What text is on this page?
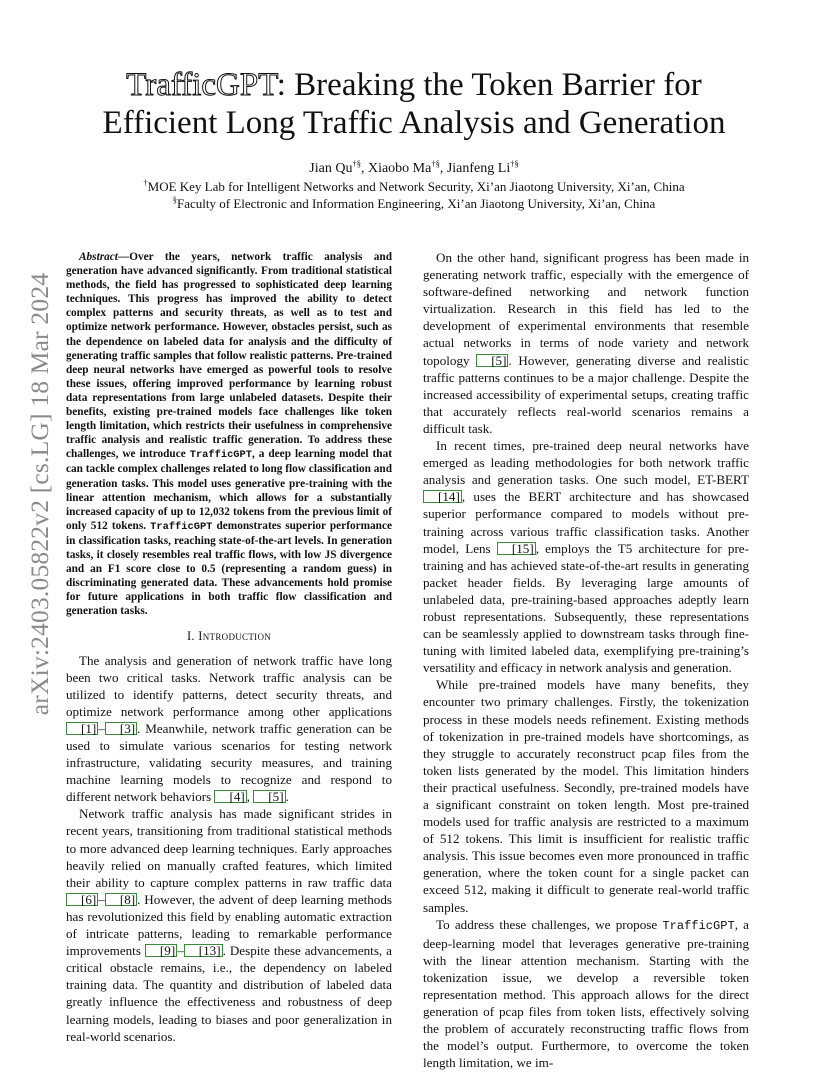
arXiv:2403.05822v2 [cs.LG] 18 Mar 2024
TrafficGPT: Breaking the Token Barrier for
Efficient Long Traffic Analysis and Generation
Jian Qu†§, Xiaobo Ma†§, Jianfeng Li†§
†MOE Key Lab for Intelligent Networks and Network Security, Xi’an Jiaotong University, Xi’an, China
§Faculty of Electronic and Information Engineering, Xi’an Jiaotong University, Xi’an, China

Abstract—Over the years, network traffic analysis and generation have advanced significantly. From traditional statistical methods, the field has progressed to sophisticated deep learning techniques. This progress has improved the ability to detect complex patterns and security threats, as well as to test and optimize network performance. However, obstacles persist, such as the dependence on labeled data for analysis and the difficulty of generating traffic samples that follow realistic patterns. Pre-trained deep neural networks have emerged as powerful tools to resolve these issues, offering improved performance by learning robust data representations from large unlabeled datasets. Despite their benefits, existing pre-trained models face challenges like token length limitation, which restricts their usefulness in comprehensive traffic analysis and realistic traffic generation. To address these challenges, we introduce TrafficGPT, a deep learning model that can tackle complex challenges related to long flow classification and generation tasks. This model uses generative pre-training with the linear attention mechanism, which allows for a substantially increased capacity of up to 12,032 tokens from the previous limit of only 512 tokens. TrafficGPT demonstrates superior performance in classification tasks, reaching state-of-the-art levels. In generation tasks, it closely resembles real traffic flows, with low JS divergence and an F1 score close to 0.5 (representing a random guess) in discriminating generated data. These advancements hold promise for future applications in both traffic flow classification and generation tasks.

I. Introduction

The analysis and generation of network traffic have long been two critical tasks. Network traffic analysis can be utilized to identify patterns, detect security threats, and optimize network performance among other applications [1] – [3] . Meanwhile, network traffic generation can be used to simulate various scenarios for testing network infrastructure, validating security measures, and training machine learning models to recognize and respond to different network behaviors [4] , [5] .

Network traffic analysis has made significant strides in recent years, transitioning from traditional statistical methods to more advanced deep learning techniques. Early approaches heavily relied on manually crafted features, which limited their ability to capture complex patterns in raw traffic data [6] – [8] . However, the advent of deep learning methods has revolutionized this field by enabling automatic extraction of intricate patterns, leading to remarkable performance improvements [9] – [13] . Despite these advancements, a critical obstacle remains, i.e., the dependency on labeled training data. The quantity and distribution of labeled data greatly influence the effectiveness and robustness of deep learning models, leading to biases and poor generalization in real-world scenarios.

On the other hand, significant progress has been made in generating network traffic, especially with the emergence of software-defined networking and network function virtualization. Research in this field has led to the development of experimental environments that resemble actual networks in terms of node variety and network topology [5] . However, generating diverse and realistic traffic patterns continues to be a major challenge. Despite the increased accessibility of experimental setups, creating traffic that accurately reflects real-world scenarios remains a difficult task.

In recent times, pre-trained deep neural networks have emerged as leading methodologies for both network traffic analysis and generation tasks. One such model, ET-BERT [14] , uses the BERT architecture and has showcased superior performance compared to models without pre-training across various traffic classification tasks. Another model, Lens [15] , employs the T5 architecture for pre-training and has achieved state-of-the-art results in generating packet header fields. By leveraging large amounts of unlabeled data, pre-training-based approaches adeptly learn robust representations. Subsequently, these representations can be seamlessly applied to downstream tasks through fine-tuning with limited labeled data, exemplifying pre-training’s versatility and efficacy in network analysis and generation.

While pre-trained models have many benefits, they encounter two primary challenges. Firstly, the tokenization process in these models needs refinement. Existing methods of tokenization in pre-trained models have shortcomings, as they struggle to accurately reconstruct pcap files from the token lists generated by the model. This limitation hinders their practical usefulness. Secondly, pre-trained models have a significant constraint on token length. Most pre-trained models used for traffic analysis are restricted to a maximum of 512 tokens. This limit is insufficient for realistic traffic analysis. This issue becomes even more pronounced in traffic generation, where the token count for a single packet can exceed 512, making it difficult to generate real-world traffic samples.

To address these challenges, we propose TrafficGPT, a deep-learning model that leverages generative pre-training with the linear attention mechanism. Starting with the tokenization issue, we develop a reversible token representation method. This approach allows for the direct generation of pcap files from token lists, effectively solving the problem of accurately reconstructing traffic flows from the model’s output. Furthermore, to overcome the token length limitation, we im-
